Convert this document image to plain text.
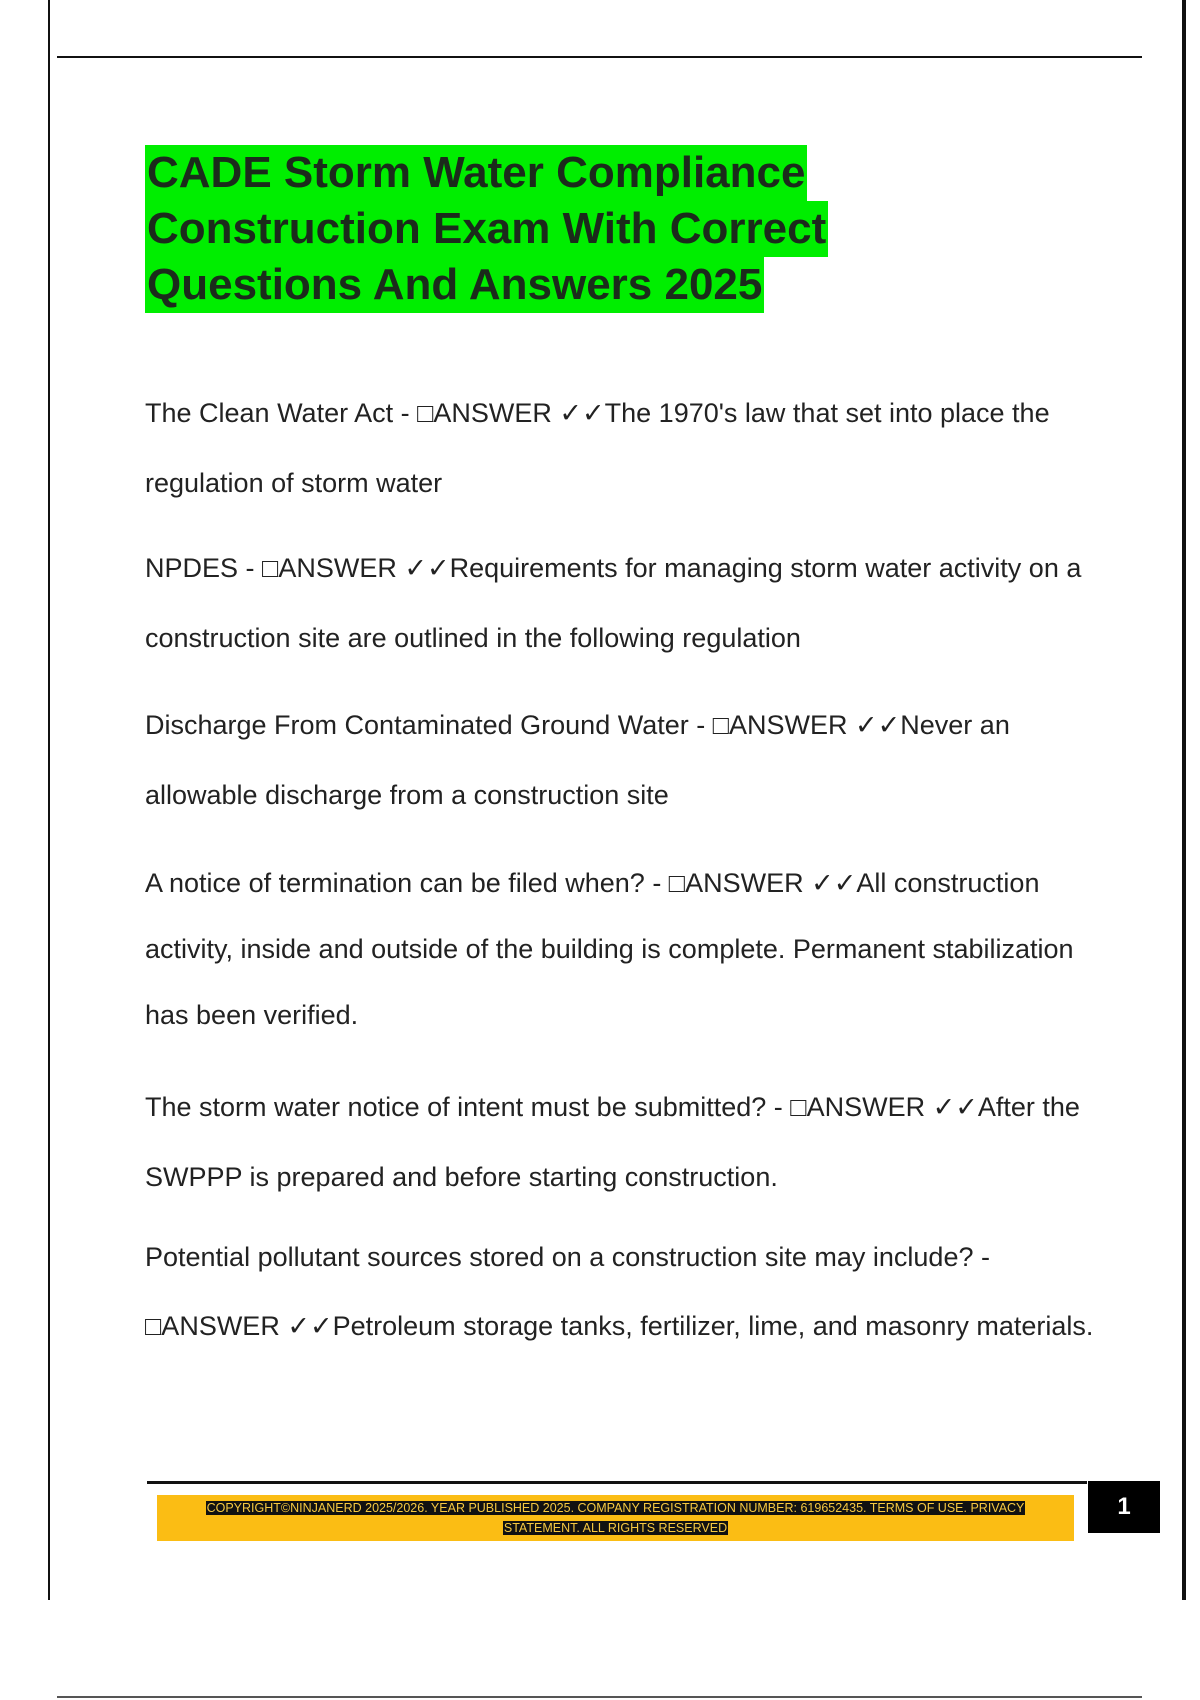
CADE Storm Water Compliance
Construction Exam With Correct
Questions And Answers 2025

The Clean Water Act - □ANSWER ✓✓The 1970's law that set into place the regulation of storm water

NPDES - □ANSWER ✓✓Requirements for managing storm water activity on a construction site are outlined in the following regulation

Discharge From Contaminated Ground Water - □ANSWER ✓✓Never an allowable discharge from a construction site

A notice of termination can be filed when? - □ANSWER ✓✓All construction activity, inside and outside of the building is complete. Permanent stabilization has been verified.

The storm water notice of intent must be submitted? - □ANSWER ✓✓After the SWPPP is prepared and before starting construction.

Potential pollutant sources stored on a construction site may include? - □ANSWER ✓✓Petroleum storage tanks, fertilizer, lime, and masonry materials.

COPYRIGHT©NINJANERD 2025/2026. YEAR PUBLISHED 2025. COMPANY REGISTRATION NUMBER: 619652435. TERMS OF USE. PRIVACY
STATEMENT. ALL RIGHTS RESERVED
1
